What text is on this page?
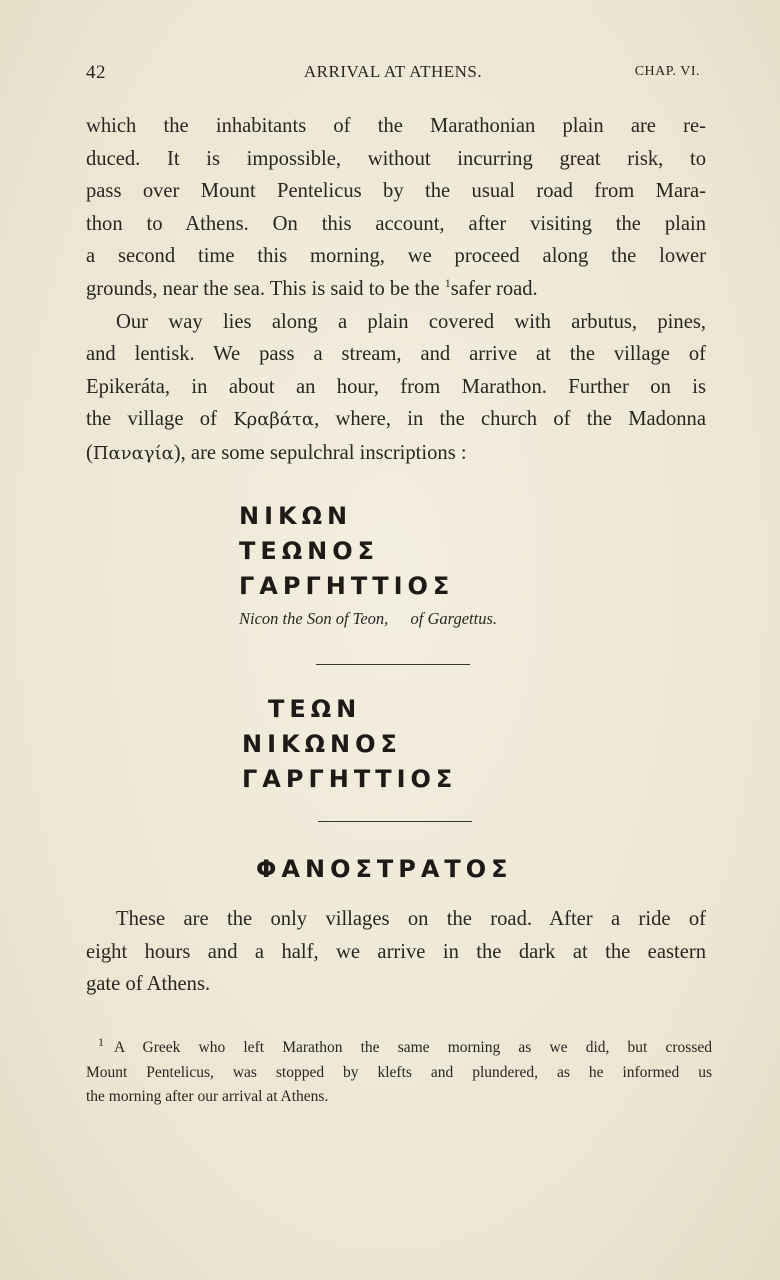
42	ARRIVAL AT ATHENS.	CHAP. VI.

which the inhabitants of the Marathonian plain are re-
duced. It is impossible, without incurring great risk, to
pass over Mount Pentelicus by the usual road from Mara-
thon to Athens. On this account, after visiting the plain
a second time this morning, we proceed along the lower
grounds, near the sea. This is said to be the $^1$safer road.

Our way lies along a plain covered with arbutus, pines,
and lentisk. We pass a stream, and arrive at the village of
Epikeráta, in about an hour, from Marathon. Further on is
the village of Κραβάτα, where, in the church of the Madonna
(Παναγία), are some sepulchral inscriptions :

ΝΙΚΩΝ
ΤΕΩΝΟΣ
ΓΑΡΓΗΤΤΙΟΣ
Nicon the Son of Teon, of Gargettus.
ΤΕΩΝ
ΝΙΚΩΝΟΣ
ΓΑΡΓΗΤΤΙΟΣ
ΦΑΝΟΣΤΡΑΤΟΣ

These are the only villages on the road. After a ride of
eight hours and a half, we arrive in the dark at the eastern
gate of Athens.

$^1$ A Greek who left Marathon the same morning as we did, but crossed
Mount Pentelicus, was stopped by klefts and plundered, as he informed us
the morning after our arrival at Athens.
